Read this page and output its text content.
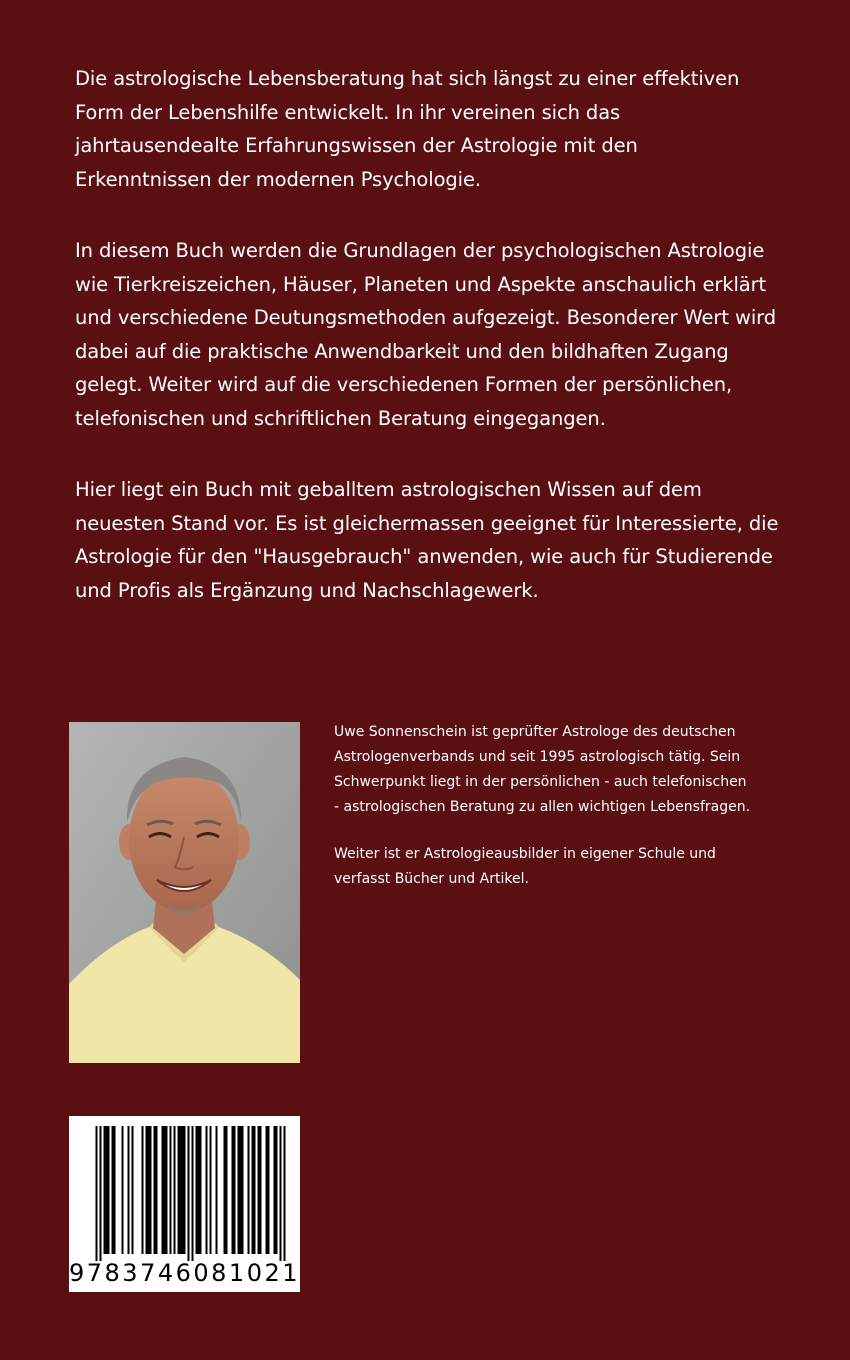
Die astrologische Lebensberatung hat sich längst zu einer effektiven Form der Lebenshilfe entwickelt. In ihr vereinen sich das jahrtausendealte Erfahrungswissen der Astrologie mit den Erkenntnissen der modernen Psychologie.

In diesem Buch werden die Grundlagen der psychologischen Astrologie wie Tierkreiszeichen, Häuser, Planeten und Aspekte anschaulich erklärt und verschiedene Deutungsmethoden aufgezeigt. Besonderer Wert wird dabei auf die praktische Anwendbarkeit und den bildhaften Zugang gelegt. Weiter wird auf die verschiedenen Formen der persönlichen, telefonischen und schriftlichen Beratung eingegangen.

Hier liegt ein Buch mit geballtem astrologischen Wissen auf dem neuesten Stand vor. Es ist gleichermassen geeignet für Interessierte, die Astrologie für den "Hausgebrauch" anwenden, wie auch für Studierende und Profis als Ergänzung und Nachschlagewerk.

Uwe Sonnenschein ist geprüfter Astrologe des deutschen Astrologenverbands und seit 1995 astrologisch tätig. Sein Schwerpunkt liegt in der persönlichen - auch telefonischen - astrologischen Beratung zu allen wichtigen Lebensfragen.

Weiter ist er Astrologieausbilder in eigener Schule und verfasst Bücher und Artikel.

9783746081021
